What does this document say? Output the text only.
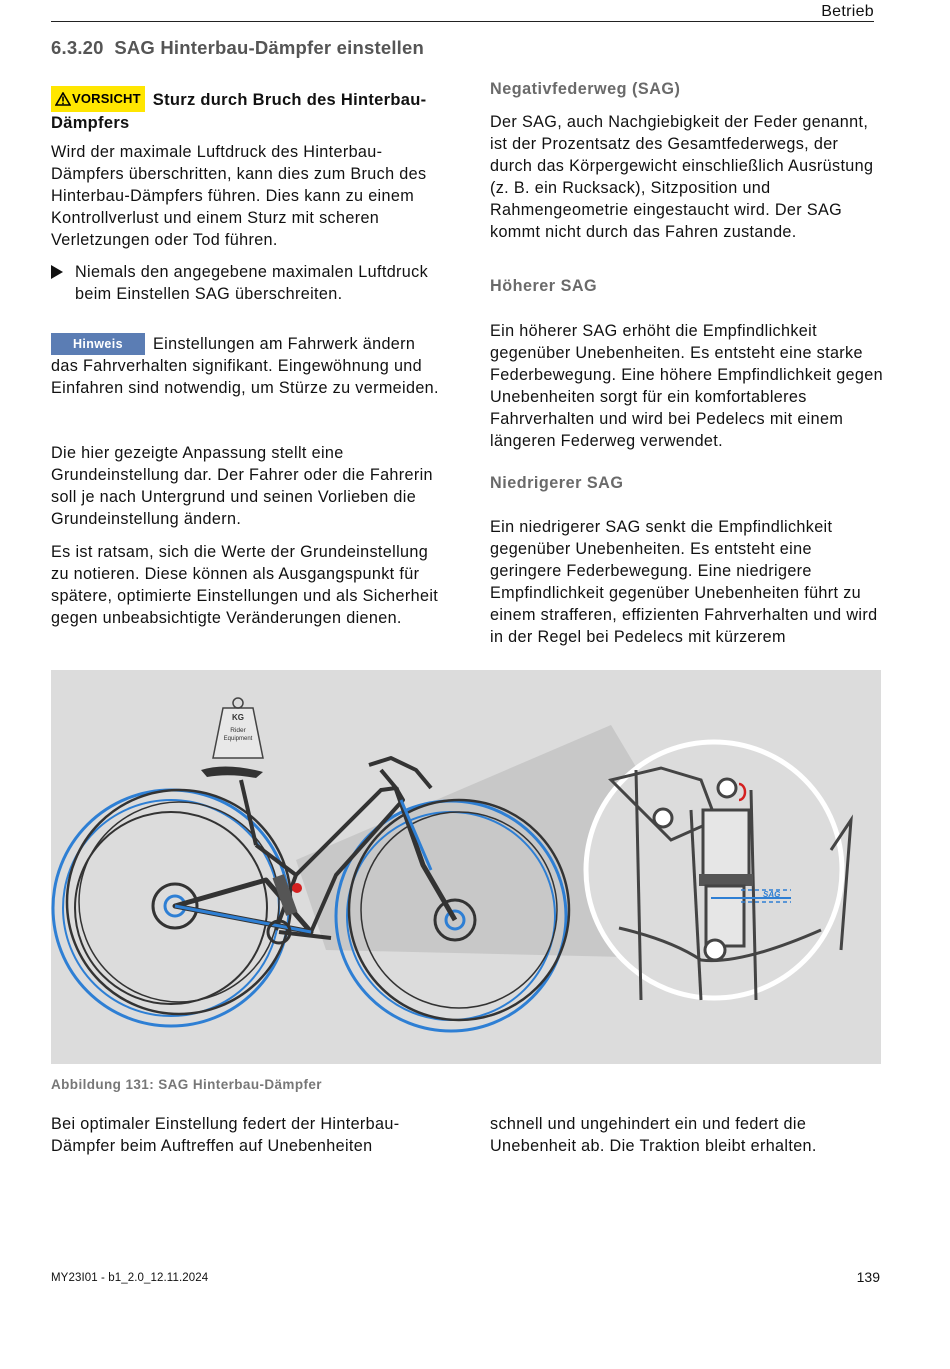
Betrieb
6.3.20 SAG Hinterbau-Dämpfer einstellen
VORSICHT Sturz durch Bruch des Hinterbau-Dämpfers

Wird der maximale Luftdruck des Hinterbau-Dämpfers überschritten, kann dies zum Bruch des Hinterbau-Dämpfers führen. Dies kann zu einem Kontrollverlust und einem Sturz mit scheren Verletzungen oder Tod führen.

Niemals den angegebene maximalen Luftdruck beim Einstellen SAG überschreiten.

Hinweis Einstellungen am Fahrwerk ändern das Fahrverhalten signifikant. Eingewöhnung und Einfahren sind notwendig, um Stürze zu vermeiden.

Die hier gezeigte Anpassung stellt eine Grundeinstellung dar. Der Fahrer oder die Fahrerin soll je nach Untergrund und seinen Vorlieben die Grundeinstellung ändern.

Es ist ratsam, sich die Werte der Grundeinstellung zu notieren. Diese können als Ausgangspunkt für spätere, optimierte Einstellungen und als Sicherheit gegen unbeabsichtigte Veränderungen dienen.

Negativfederweg (SAG)

Der SAG, auch Nachgiebigkeit der Feder genannt, ist der Prozentsatz des Gesamtfederwegs, der durch das Körpergewicht einschließlich Ausrüstung (z. B. ein Rucksack), Sitzposition und Rahmengeometrie eingestaucht wird. Der SAG kommt nicht durch das Fahren zustande.

Höherer SAG

Ein höherer SAG erhöht die Empfindlichkeit gegenüber Unebenheiten. Es entsteht eine starke Federbewegung. Eine höhere Empfindlichkeit gegen Unebenheiten sorgt für ein komfortableres Fahrverhalten und wird bei Pedelecs mit einem längeren Federweg verwendet.

Niedrigerer SAG

Ein niedrigerer SAG senkt die Empfindlichkeit gegenüber Unebenheiten. Es entsteht eine geringere Federbewegung. Eine niedrigere Empfindlichkeit gegenüber Unebenheiten führt zu einem strafferen, effizienten Fahrverhalten und wird in der Regel bei Pedelecs mit kürzerem

KG
Rider
Equipment
SAG
Abbildung 131: SAG Hinterbau-Dämpfer

Bei optimaler Einstellung federt der Hinterbau-Dämpfer beim Auftreffen auf Unebenheiten

schnell und ungehindert ein und federt die Unebenheit ab. Die Traktion bleibt erhalten.

MY23I01 - b1_2.0_12.11.2024	139
